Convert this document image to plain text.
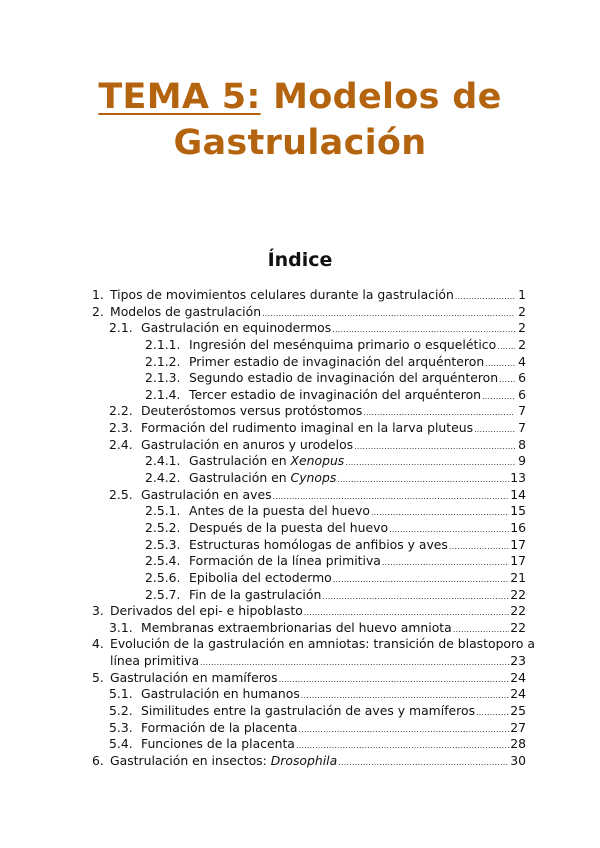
TEMA 5: Modelos de
Gastrulación
Índice
1. Tipos de movimientos celulares durante la gastrulación .....	1
2. Modelos de gastrulación .....	2
2.1. Gastrulación en equinodermos .....	2
2.1.1. Ingresión del mesénquima primario o esquelético ..... 2
2.1.2. Primer estadio de invaginación del arquénteron .....	4
2.1.3. Segundo estadio de invaginación del arquénteron ..... 6
2.1.4. Tercer estadio de invaginación del arquénteron .....	6
2.2. Deuteróstomos versus protóstomos .....	7
2.3. Formación del rudimento imaginal en la larva pluteus .....	7
2.4. Gastrulación en anuros y urodelos .....	8
2.4.1. Gastrulación en Xenopus .....	9
2.4.2. Gastrulación en Cynops .....	13
2.5. Gastrulación en aves .....	14
2.5.1. Antes de la puesta del huevo .....	15
2.5.2. Después de la puesta del huevo .....	16
2.5.3. Estructuras homólogas de anfibios y aves .....	17
2.5.4. Formación de la línea primitiva .....	17
2.5.6. Epibolia del ectodermo .....	21
2.5.7. Fin de la gastrulación .....	22
3. Derivados del epi- e hipoblasto .....	22
3.1. Membranas extraembrionarias del huevo amniota .....	22
4. Evolución de la gastrulación en amniotas: transición de blastoporo a
línea primitiva .....	23
5. Gastrulación en mamíferos .....	24
5.1. Gastrulación en humanos .....	24
5.2. Similitudes entre la gastrulación de aves y mamíferos .....	25
5.3. Formación de la placenta .....	27
5.4. Funciones de la placenta .....	28
6. Gastrulación en insectos: Drosophila .....	30
